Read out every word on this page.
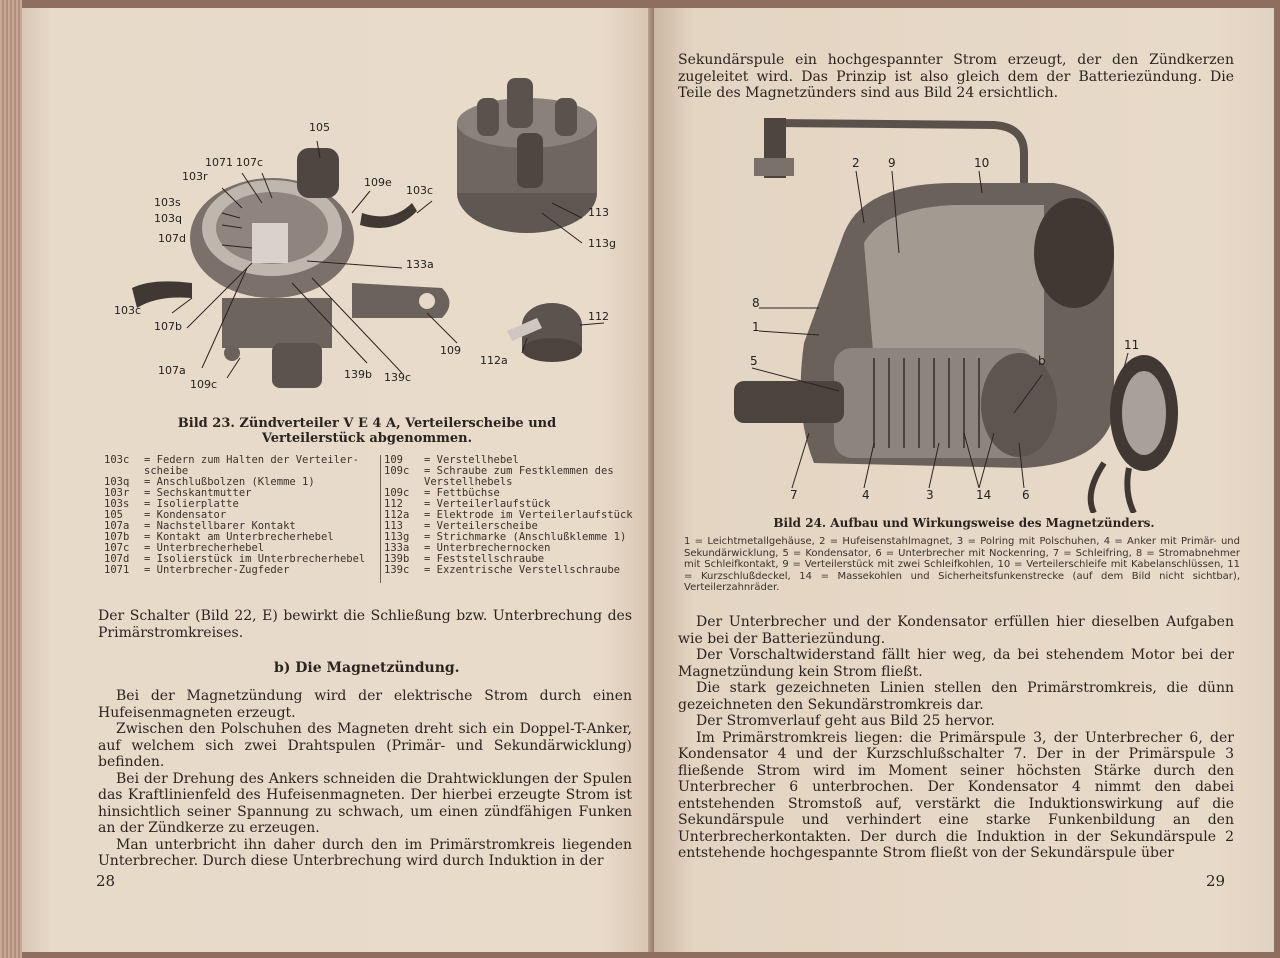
105
1071 107c
103r
103s
103q
107d
109e
103c
113
113g
133a
103c
107b
107a
109c
139b 139c
109
112
112a
Bild 23. Zündverteiler V E 4 A, Verteilerscheibe und Verteilerstück abgenommen.
103c	= Federn zum Halten der Verteiler-scheibe
103q	= Anschlußbolzen (Klemme 1)
103r	= Sechskantmutter
103s	= Isolierplatte
105	= Kondensator
107a	= Nachstellbarer Kontakt
107b	= Kontakt am Unterbrecherhebel
107c	= Unterbrecherhebel
107d	= Isolierstück im Unterbrecherhebel
1071	= Unterbrecher-Zugfeder
109	= Verstellhebel
109c	= Schraube zum Festklemmen des Verstellhebels
109c	= Fettbüchse
112	= Verteilerlaufstück
112a	= Elektrode im Verteilerlaufstück
113	= Verteilerscheibe
113g	= Strichmarke (Anschlußklemme 1)
133a	= Unterbrechernocken
139b	= Feststellschraube
139c	= Exzentrische Verstellschraube

Der Schalter (Bild 22, E) bewirkt die Schließung bzw. Unterbrechung des Primärstromkreises.

b) Die Magnetzündung.

Bei der Magnetzündung wird der elektrische Strom durch einen Hufeisenmagneten erzeugt.

Zwischen den Polschuhen des Magneten dreht sich ein Doppel-T-Anker, auf welchem sich zwei Drahtspulen (Primär- und Sekundärwicklung) befinden.

Bei der Drehung des Ankers schneiden die Drahtwicklungen der Spulen das Kraftlinienfeld des Hufeisenmagneten. Der hierbei erzeugte Strom ist hinsichtlich seiner Spannung zu schwach, um einen zündfähigen Funken an der Zündkerze zu erzeugen.

Man unterbricht ihn daher durch den im Primärstromkreis liegenden Unterbrecher. Durch diese Unterbrechung wird durch Induktion in der

28

Sekundärspule ein hochgespannter Strom erzeugt, der den Zündkerzen zugeleitet wird. Das Prinzip ist also gleich dem der Batteriezündung. Die Teile des Magnetzünders sind aus Bild 24 ersichtlich.

2 9	10
8
1
5	b
11
7	4	3	14	6
Bild 24. Aufbau und Wirkungsweise des Magnetzünders.
1 = Leichtmetallgehäuse, 2 = Hufeisenstahlmagnet, 3 = Polring mit Polschuhen, 4 = Anker mit Primär- und Sekundärwicklung, 5 = Kondensator, 6 = Unterbrecher mit Nockenring, 7 = Schleifring, 8 = Stromabnehmer mit Schleifkontakt, 9 = Verteilerstück mit zwei Schleifkohlen, 10 = Verteilerschleife mit Kabelanschlüssen, 11 = Kurzschlußdeckel, 14 = Massekohlen und Sicherheitsfunkenstrecke (auf dem Bild nicht sichtbar), Verteilerzahnräder.

Der Unterbrecher und der Kondensator erfüllen hier dieselben Aufgaben wie bei der Batteriezündung.

Der Vorschaltwiderstand fällt hier weg, da bei stehendem Motor bei der Magnetzündung kein Strom fließt.

Die stark gezeichneten Linien stellen den Primärstromkreis, die dünn gezeichneten den Sekundärstromkreis dar.

Der Stromverlauf geht aus Bild 25 hervor.

Im Primärstromkreis liegen: die Primärspule 3, der Unterbrecher 6, der Kondensator 4 und der Kurzschlußschalter 7. Der in der Primärspule 3 fließende Strom wird im Moment seiner höchsten Stärke durch den Unterbrecher 6 unterbrochen. Der Kondensator 4 nimmt den dabei entstehenden Stromstoß auf, verstärkt die Induktionswirkung auf die Sekundärspule und verhindert eine starke Funkenbildung an den Unterbrecherkontakten. Der durch die Induktion in der Sekundärspule 2 entstehende hochgespannte Strom fließt von der Sekundärspule über

29
